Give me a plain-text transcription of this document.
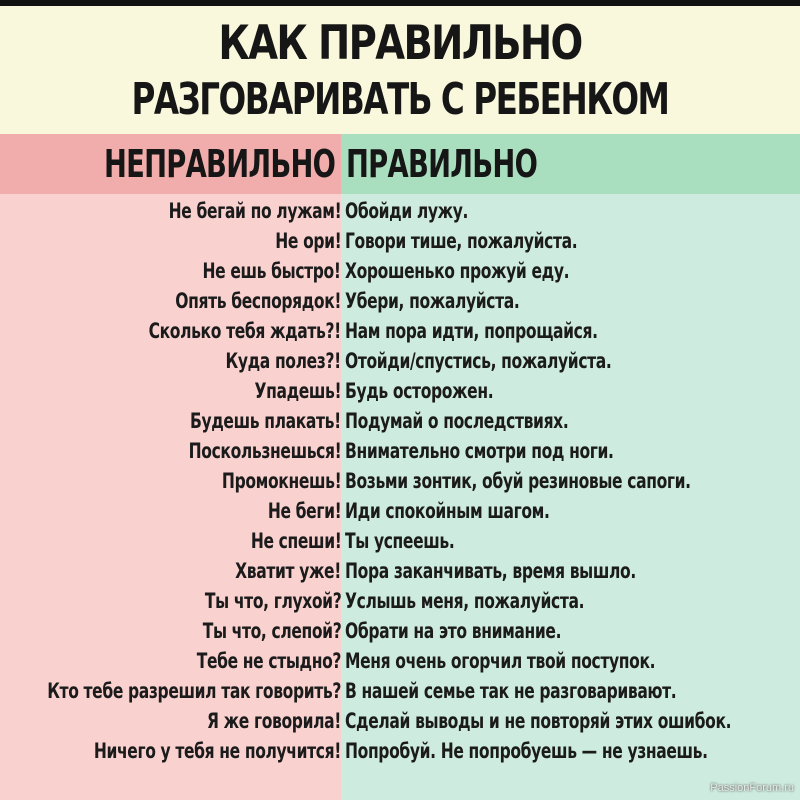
КАК ПРАВИЛЬНО
РАЗГОВАРИВАТЬ С РЕБЕНКОМ
НЕПРАВИЛЬНО ПРАВИЛЬНО
Не бегай по лужам! Обойди лужу.
Не ори! Говори тише, пожалуйста.
Не ешь быстро! Хорошенько прожуй еду.
Опять беспорядок! Убери, пожалуйста.
Сколько тебя ждать?! Нам пора идти, попрощайся.
Куда полез?! Отойди/спустись, пожалуйста.
Упадешь! Будь осторожен.
Будешь плакать! Подумай о последствиях.
Поскользнешься! Внимательно смотри под ноги.
Промокнешь! Возьми зонтик, обуй резиновые сапоги.
Не беги! Иди спокойным шагом.
Не спеши! Ты успеешь.
Хватит уже! Пора заканчивать, время вышло.
Ты что, глухой? Услышь меня, пожалуйста.
Ты что, слепой? Обрати на это внимание.
Тебе не стыдно? Меня очень огорчил твой поступок.
Кто тебе разрешил так говорить? В нашей семье так не разговаривают.
Я же говорила! Сделай выводы и не повторяй этих ошибок.
Ничего у тебя не получится! Попробуй. Не попробуешь — не узнаешь.
PassionForum.ru
